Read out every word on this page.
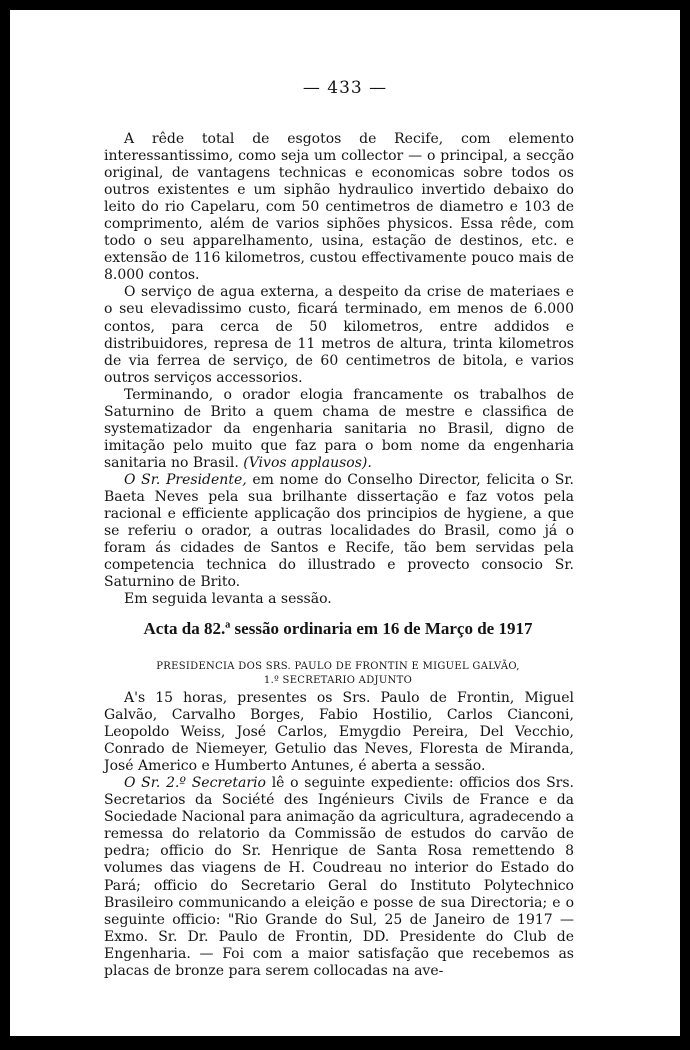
— 433 —

A rêde total de esgotos de Recife, com elemento interessantissimo, como seja um collector — o principal, a secção original, de vantagens technicas e economicas sobre todos os outros existentes e um siphão hydraulico invertido debaixo do leito do rio Capelaru, com 50 centimetros de diametro e 103 de comprimento, além de varios siphões physicos. Essa rêde, com todo o seu apparelhamento, usina, estação de destinos, etc. e extensão de 116 kilometros, custou effectivamente pouco mais de 8.000 contos.

O serviço de agua externa, a despeito da crise de materiaes e o seu elevadissimo custo, ficará terminado, em menos de 6.000 contos, para cerca de 50 kilometros, entre addidos e distribuidores, represa de 11 metros de altura, trinta kilometros de via ferrea de serviço, de 60 centimetros de bitola, e varios outros serviços accessorios.

Terminando, o orador elogia francamente os trabalhos de Saturnino de Brito a quem chama de mestre e classifica de systematizador da engenharia sanitaria no Brasil, digno de imitação pelo muito que faz para o bom nome da engenharia sanitaria no Brasil. (Vivos applausos).

O Sr. Presidente, em nome do Conselho Director, felicita o Sr. Baeta Neves pela sua brilhante dissertação e faz votos pela racional e efficiente applicação dos principios de hygiene, a que se referiu o orador, a outras localidades do Brasil, como já o foram ás cidades de Santos e Recife, tão bem servidas pela competencia technica do illustrado e provecto consocio Sr. Saturnino de Brito.

Em seguida levanta a sessão.

Acta da 82.ª sessão ordinaria em 16 de Março de 1917
PRESIDENCIA DOS SRS. PAULO DE FRONTIN E MIGUEL GALVÃO,
1.º SECRETARIO ADJUNTO

A's 15 horas, presentes os Srs. Paulo de Frontin, Miguel Galvão, Carvalho Borges, Fabio Hostilio, Carlos Cianconi, Leopoldo Weiss, José Carlos, Emygdio Pereira, Del Vecchio, Conrado de Niemeyer, Getulio das Neves, Floresta de Miranda, José Americo e Humberto Antunes, é aberta a sessão.

O Sr. 2.º Secretario lê o seguinte expediente: officios dos Srs. Secretarios da Société des Ingénieurs Civils de France e da Sociedade Nacional para animação da agricultura, agradecendo a remessa do relatorio da Commissão de estudos do carvão de pedra; officio do Sr. Henrique de Santa Rosa remettendo 8 volumes das viagens de H. Coudreau no interior do Estado do Pará; officio do Secretario Geral do Instituto Polytechnico Brasileiro communicando a eleição e posse de sua Directoria; e o seguinte officio: "Rio Grande do Sul, 25 de Janeiro de 1917 — Exmo. Sr. Dr. Paulo de Frontin, DD. Presidente do Club de Engenharia. — Foi com a maior satisfação que recebemos as placas de bronze para serem collocadas na ave-
